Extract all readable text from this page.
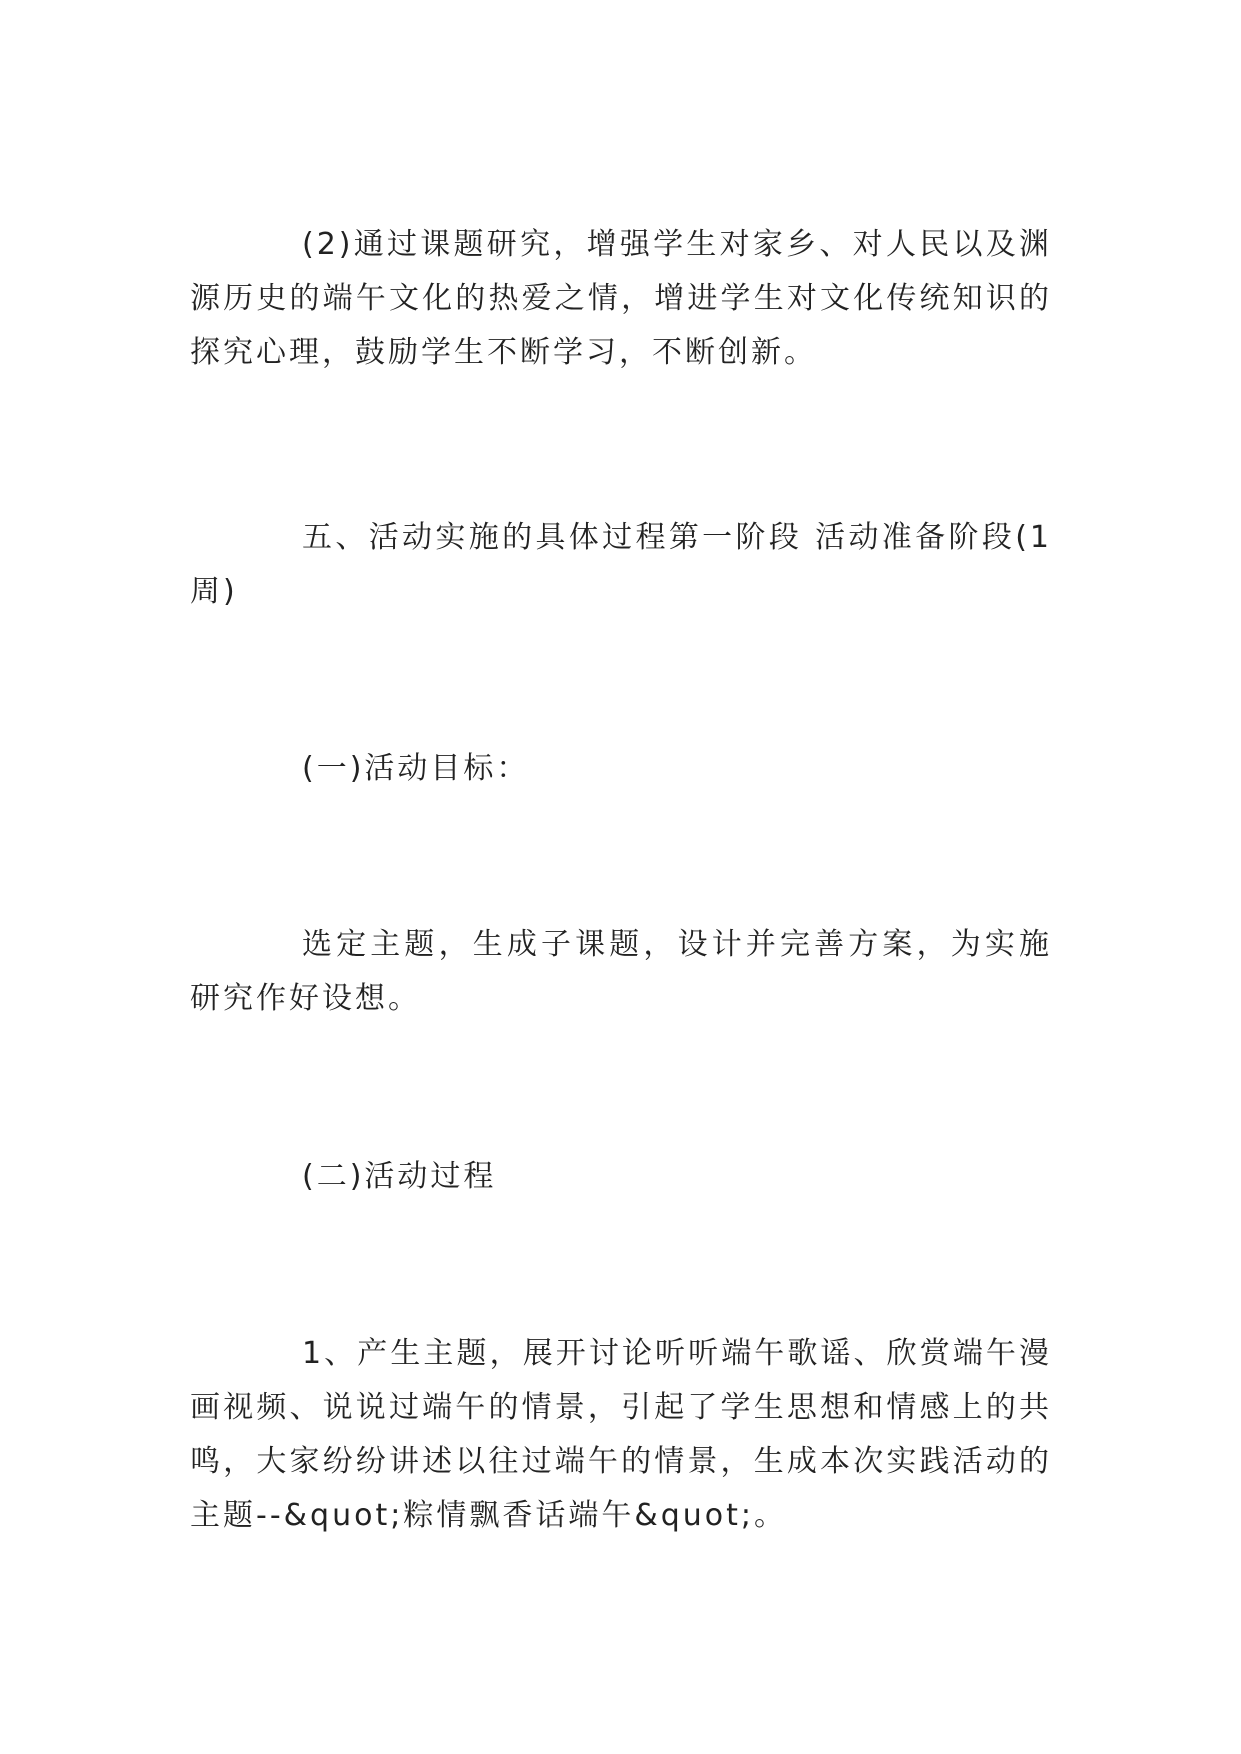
(2)通过课题研究，增强学生对家乡、对人民以及渊源历史的端午文化的热爱之情，增进学生对文化传统知识的探究心理，鼓励学生不断学习，不断创新。

五、活动实施的具体过程第一阶段 活动准备阶段(1周)

(一)活动目标：

选定主题，生成子课题，设计并完善方案，为实施研究作好设想。

(二)活动过程

1、产生主题，展开讨论听听端午歌谣、欣赏端午漫画视频、说说过端午的情景，引起了学生思想和情感上的共鸣，大家纷纷讲述以往过端午的情景，生成本次实践活动的主题--&quot;粽情飘香话端午&quot;。
